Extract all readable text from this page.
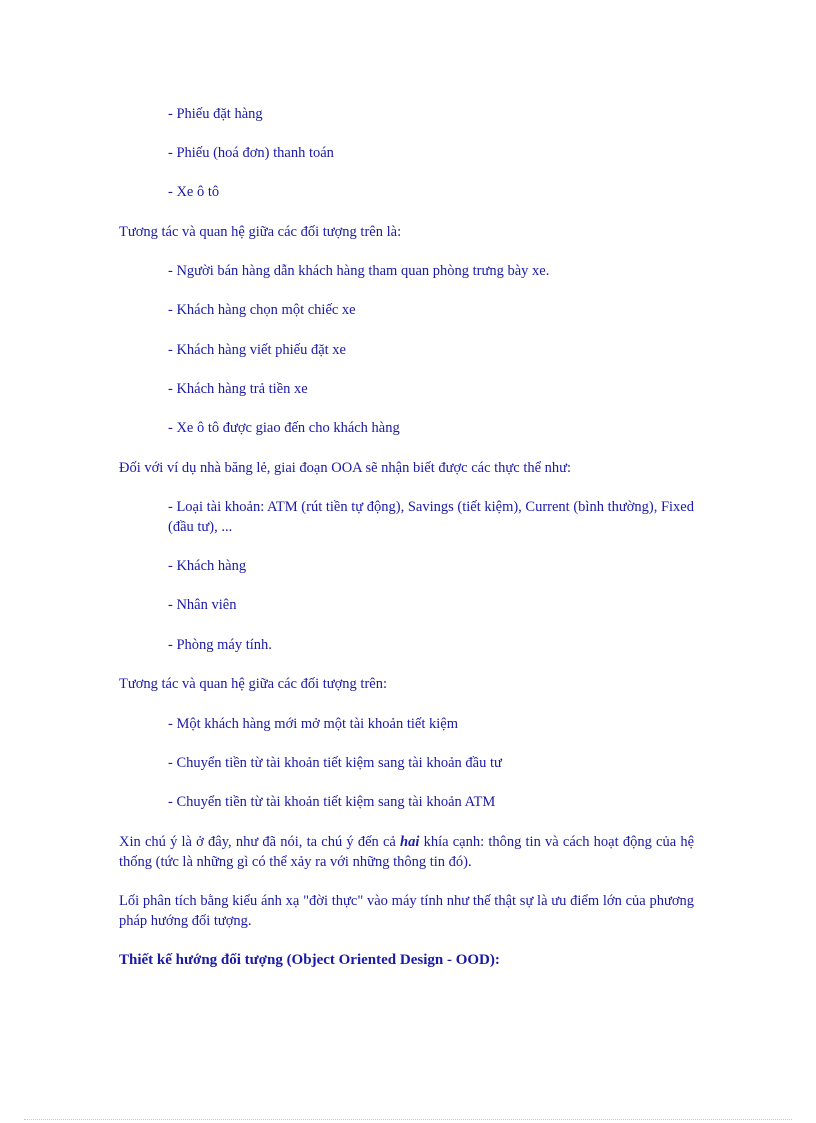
- Phiếu đặt hàng
- Phiếu (hoá đơn) thanh toán
- Xe ô tô
Tương tác và quan hệ giữa các đối tượng trên là:
- Người bán hàng dẫn khách hàng tham quan phòng trưng bày xe.
- Khách hàng chọn một chiếc xe
- Khách hàng viết phiếu đặt xe
- Khách hàng trả tiền xe
- Xe ô tô được giao đến cho khách hàng
Đối với ví dụ nhà băng lẻ, giai đoạn OOA sẽ nhận biết được các thực thể như:
- Loại tài khoản: ATM (rút tiền tự động), Savings (tiết kiệm), Current (bình thường), Fixed (đầu tư), ...
- Khách hàng
- Nhân viên
- Phòng máy tính.
Tương tác và quan hệ giữa các đối tượng trên:
- Một khách hàng mới mở một tài khoản tiết kiệm
- Chuyển tiền từ tài khoản tiết kiệm sang tài khoản đầu tư
- Chuyển tiền từ tài khoản tiết kiệm sang tài khoản ATM
Xin chú ý là ở đây, như đã nói, ta chú ý đến cả hai khía cạnh: thông tin và cách hoạt động của hệ thống (tức là những gì có thể xảy ra với những thông tin đó).
Lối phân tích bằng kiểu ánh xạ "đời thực" vào máy tính như thế thật sự là ưu điểm lớn của phương pháp hướng đối tượng.
Thiết kế hướng đối tượng (Object Oriented Design - OOD):
